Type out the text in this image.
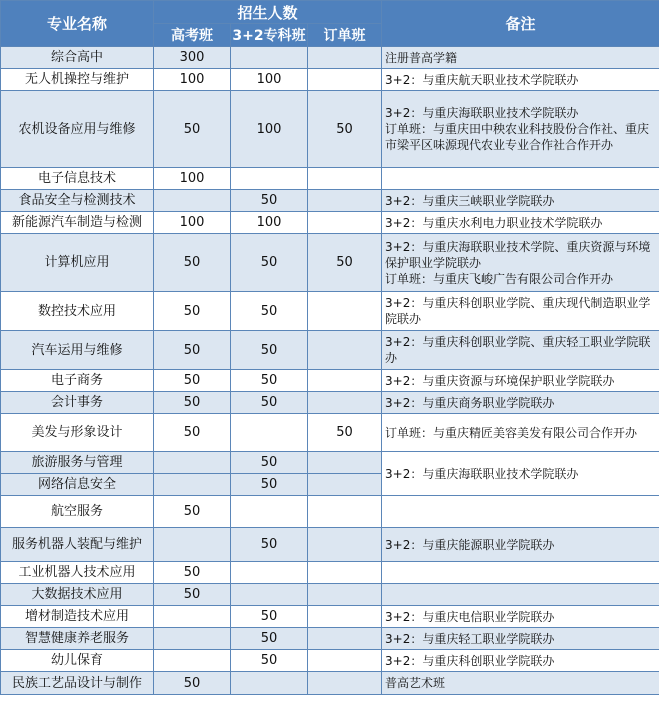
专业名称	招生人数			备注
	高考班	3+2专科班	订单班	
综合高中	300			注册普高学籍
无人机操控与维护	100	100		3+2：与重庆航天职业技术学院联办
农机设备应用与维修	50	100	50	3+2：与重庆海联职业技术学院联办
订单班：与重庆田中秧农业科技股份合作社、重庆市梁平区味源现代农业专业合作社合作开办
电子信息技术	100			
食品安全与检测技术		50		3+2：与重庆三峡职业学院联办
新能源汽车制造与检测	100	100		3+2：与重庆水利电力职业技术学院联办
计算机应用	50	50	50	3+2：与重庆海联职业技术学院、重庆资源与环境保护职业学院联办
订单班：与重庆飞峻广告有限公司合作开办
数控技术应用	50	50		3+2：与重庆科创职业学院、重庆现代制造职业学院联办
汽车运用与维修	50	50		3+2：与重庆科创职业学院、重庆轻工职业学院联办
电子商务	50	50		3+2：与重庆资源与环境保护职业学院联办
会计事务	50	50		3+2：与重庆商务职业学院联办
美发与形象设计	50		50	订单班：与重庆精匠美容美发有限公司合作开办
旅游服务与管理		50		3+2：与重庆海联职业技术学院联办
网络信息安全		50		
航空服务	50			
服务机器人装配与维护		50		3+2：与重庆能源职业学院联办
工业机器人技术应用	50			
大数据技术应用	50			
增材制造技术应用		50		3+2：与重庆电信职业学院联办
智慧健康养老服务		50		3+2：与重庆轻工职业学院联办
幼儿保育		50		3+2：与重庆科创职业学院联办
民族工艺品设计与制作	50			普高艺术班
